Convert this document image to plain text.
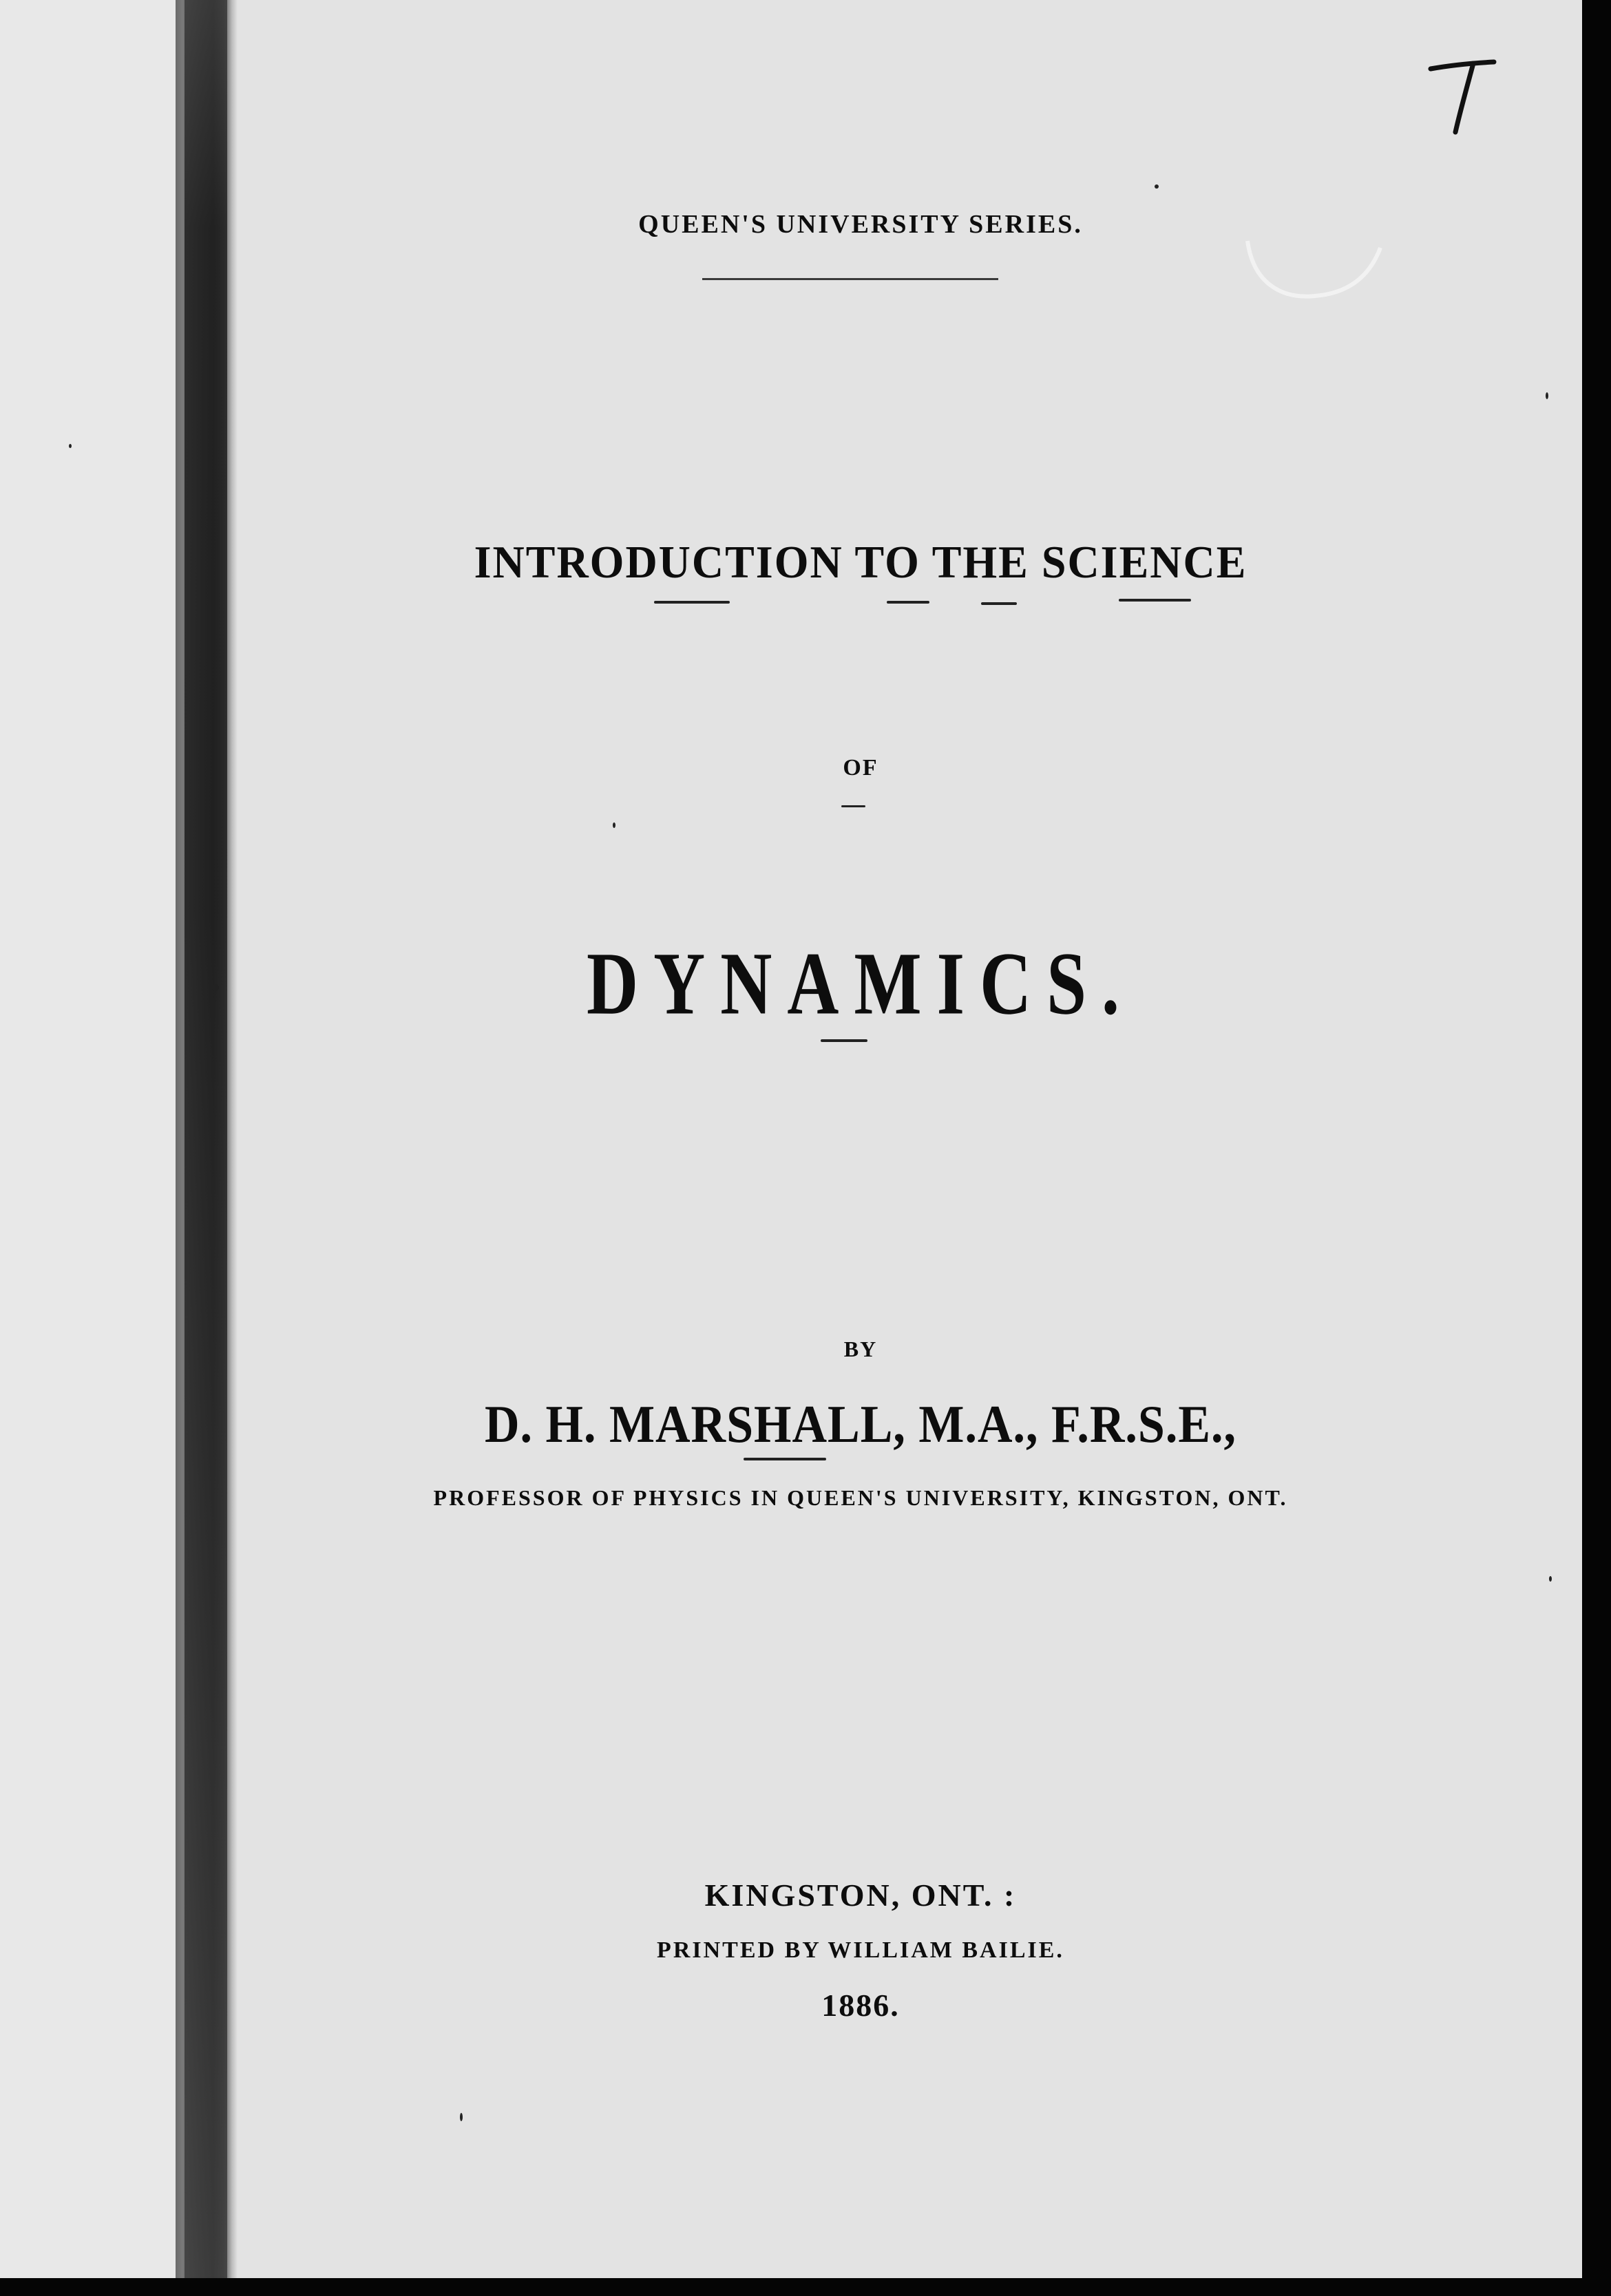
QUEEN'S UNIVERSITY SERIES.
INTRODUCTION TO THE SCIENCE
OF
DYNAMICS.
BY
D. H. MARSHALL, M.A., F.R.S.E.,
PROFESSOR OF PHYSICS IN QUEEN'S UNIVERSITY, KINGSTON, ONT.
KINGSTON, ONT. :
PRINTED BY WILLIAM BAILIE.
1886.
